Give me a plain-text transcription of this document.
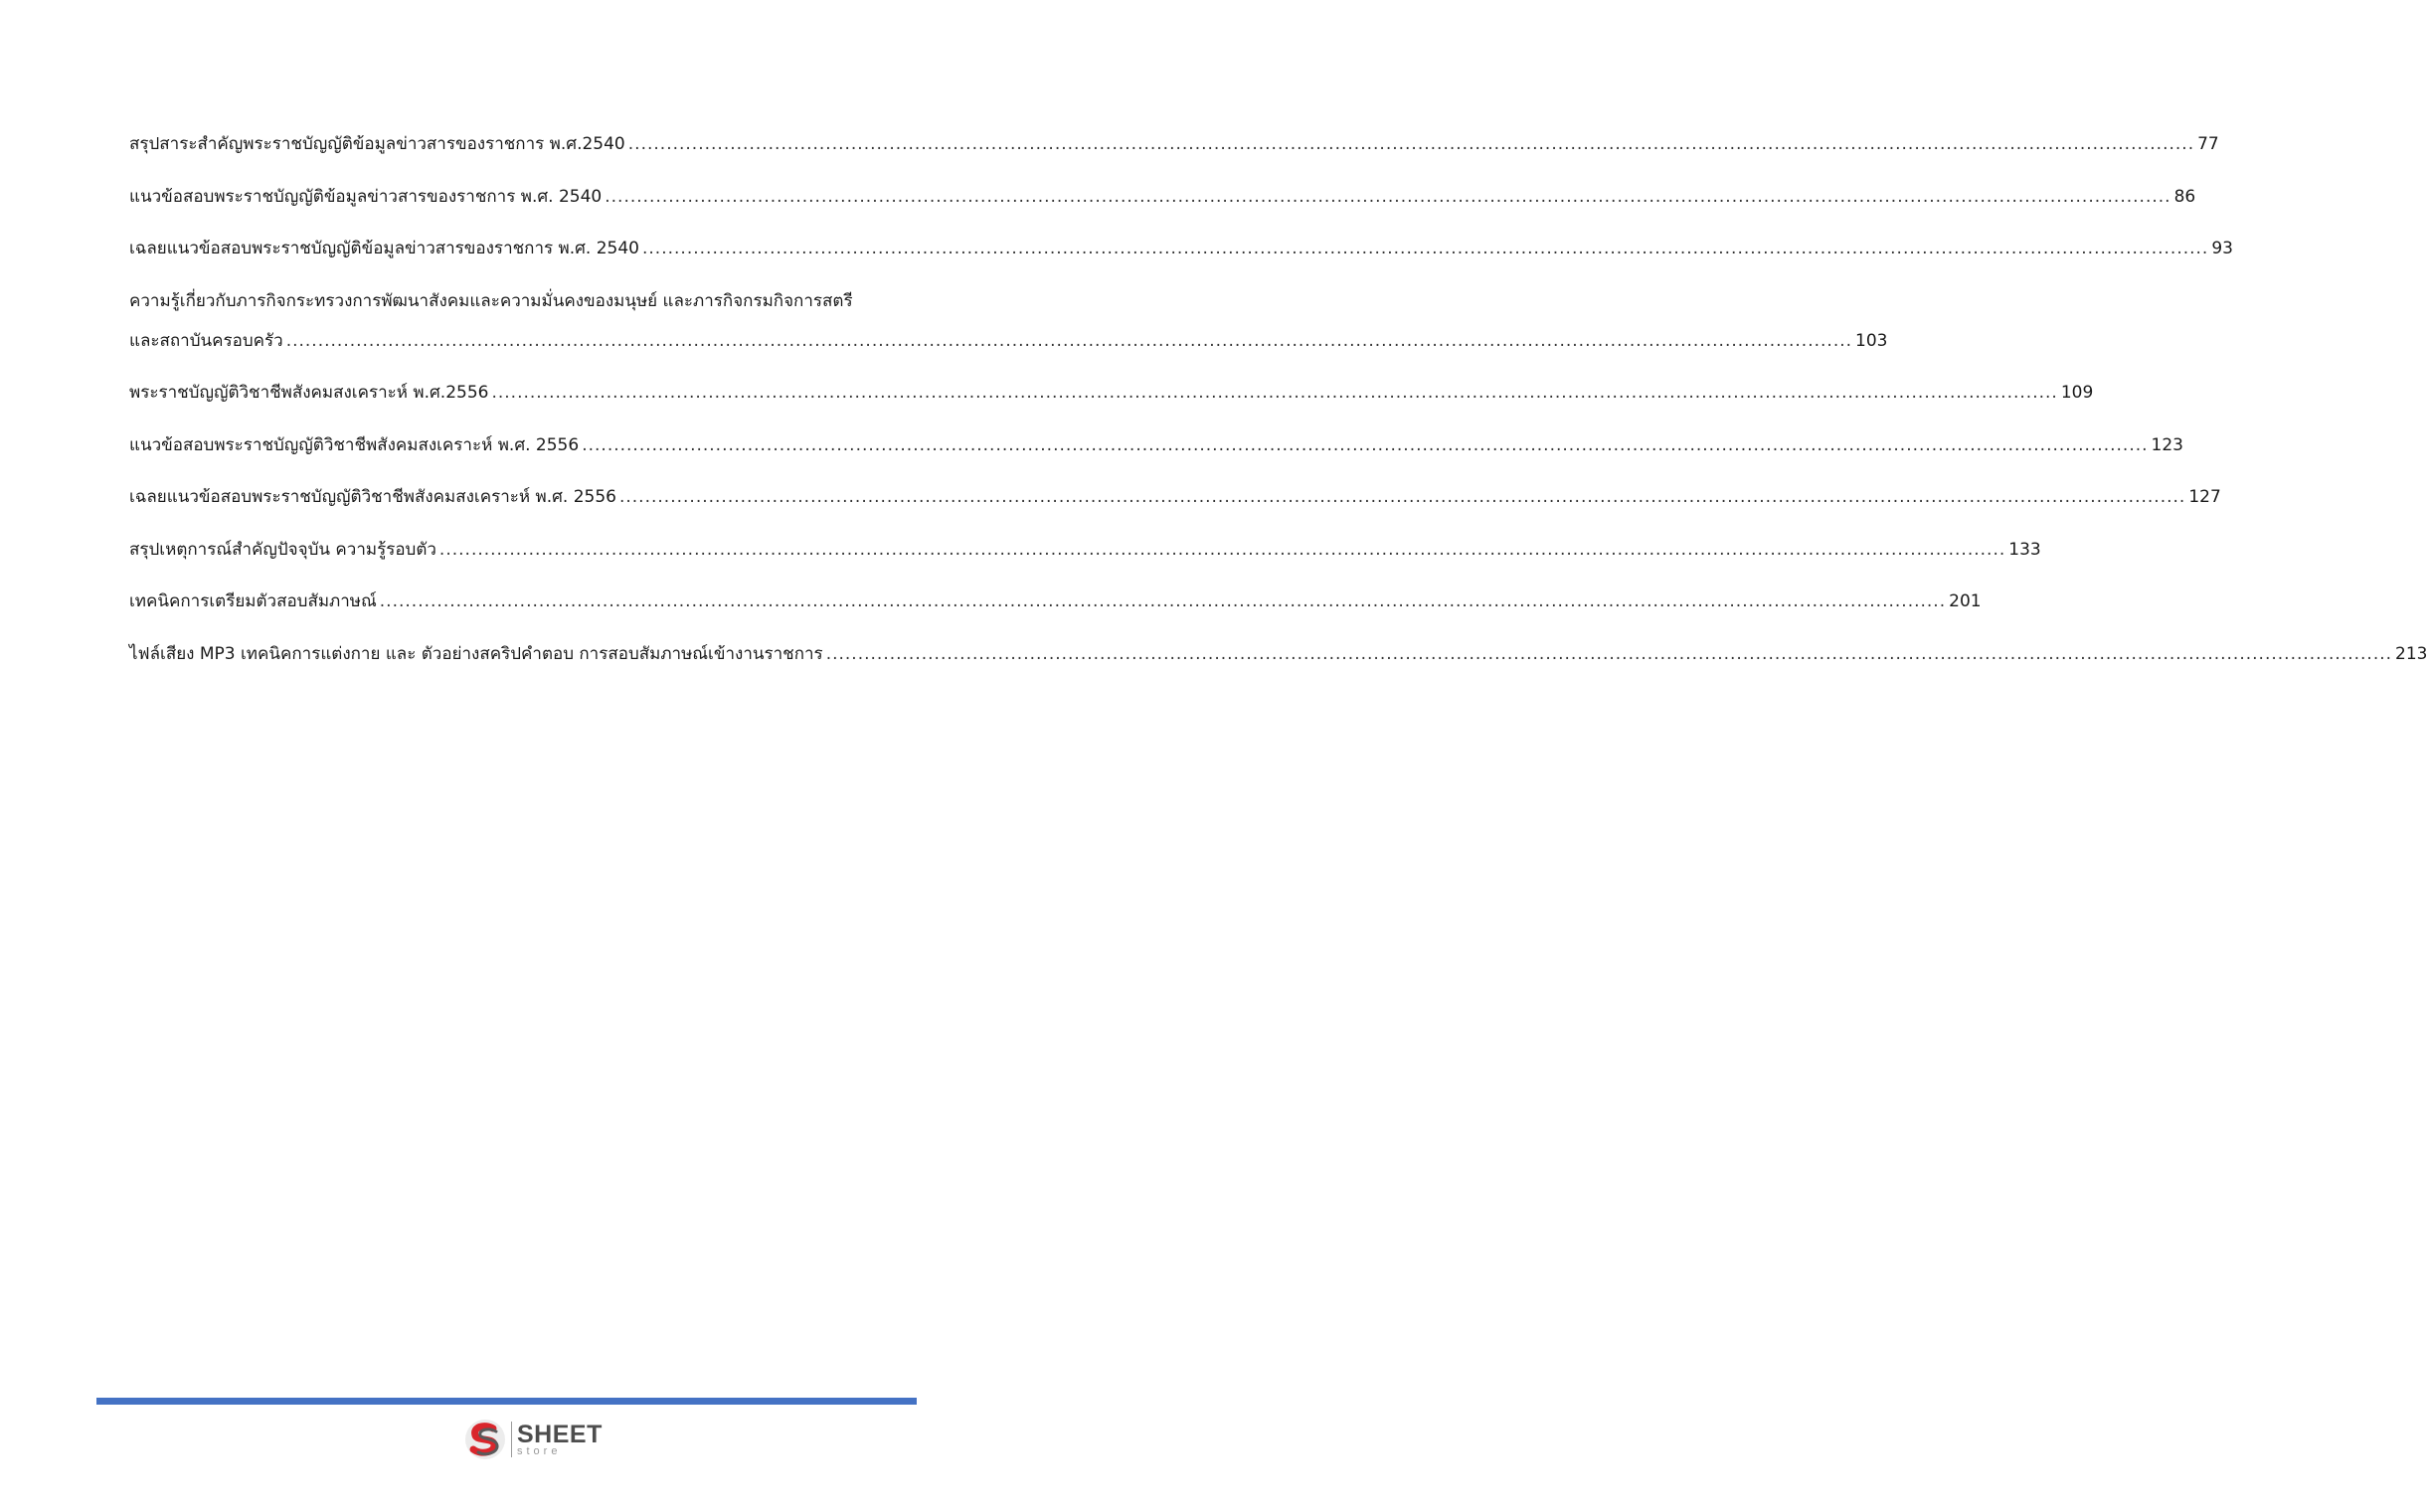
สรุปสาระสำคัญพระราชบัญญัติข้อมูลข่าวสารของราชการ พ.ศ.2540 .....	77
แนวข้อสอบพระราชบัญญัติข้อมูลข่าวสารของราชการ พ.ศ. 2540 .....	86
เฉลยแนวข้อสอบพระราชบัญญัติข้อมูลข่าวสารของราชการ พ.ศ. 2540 .....	93
ความรู้เกี่ยวกับภารกิจกระทรวงการพัฒนาสังคมและความมั่นคงของมนุษย์ และภารกิจกรมกิจการสตรี
และสถาบันครอบครัว .....	103
พระราชบัญญัติวิชาชีพสังคมสงเคราะห์ พ.ศ.2556 .....	109
แนวข้อสอบพระราชบัญญัติวิชาชีพสังคมสงเคราะห์ พ.ศ. 2556 .....	123
เฉลยแนวข้อสอบพระราชบัญญัติวิชาชีพสังคมสงเคราะห์ พ.ศ. 2556 .....	127
สรุปเหตุการณ์สำคัญปัจจุบัน ความรู้รอบตัว .....	133
เทคนิคการเตรียมตัวสอบสัมภาษณ์ .....	201
ไฟล์เสียง MP3 เทคนิคการแต่งกาย และ ตัวอย่างสคริปคำตอบ การสอบสัมภาษณ์เข้างานราชการ .....	213
SHEET
store
